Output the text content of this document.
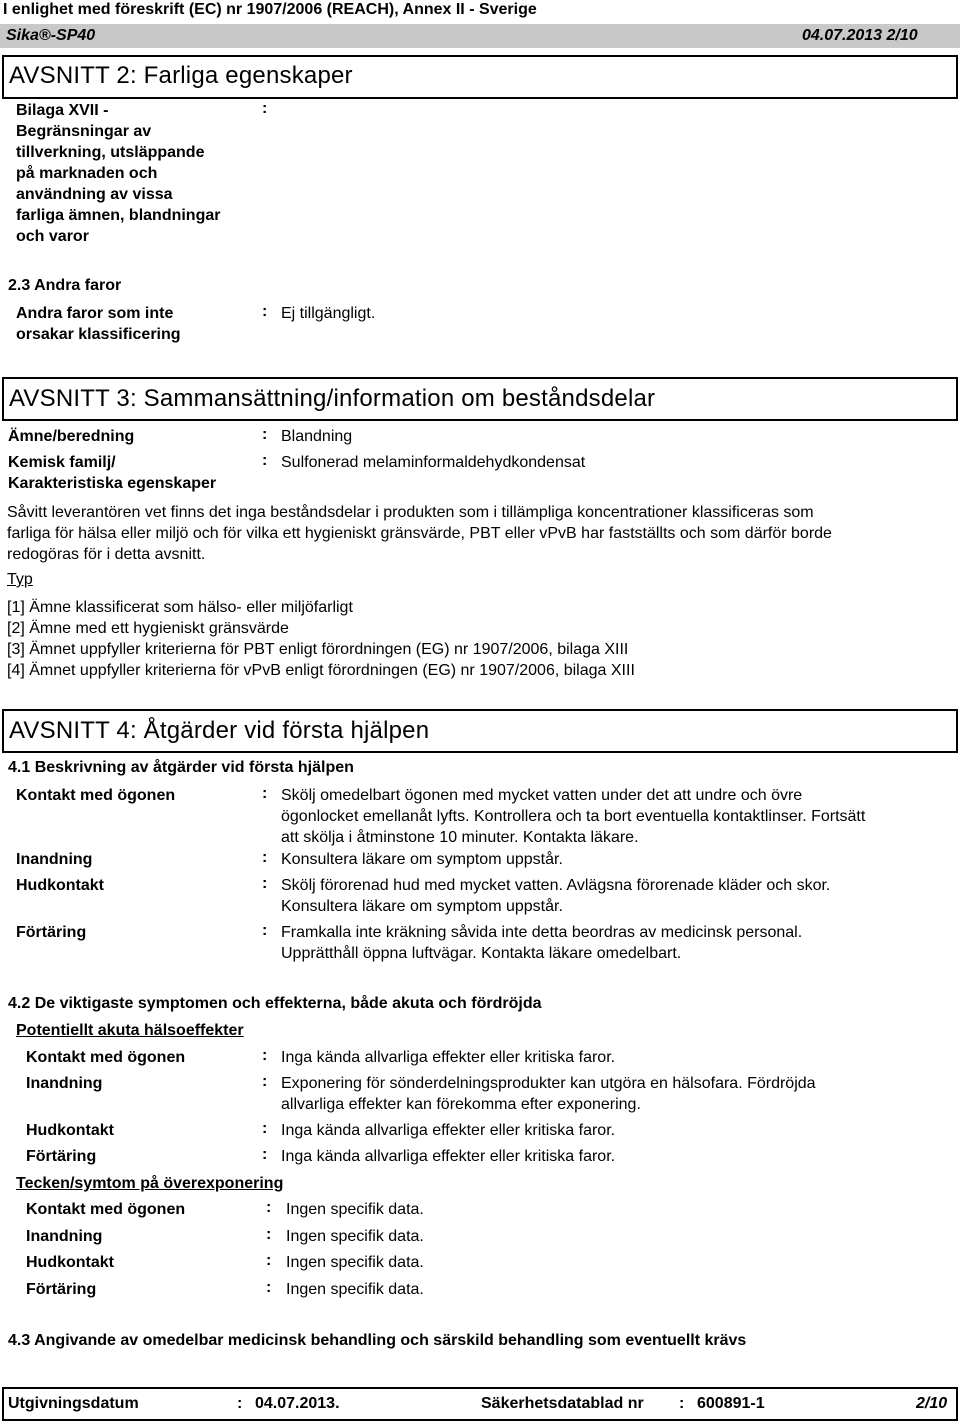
I enlighet med föreskrift (EC) nr 1907/2006 (REACH), Annex II - Sverige
Sika®-SP40	04.07.2013 2/10
AVSNITT 2: Farliga egenskaper
Bilaga XVII -
Begränsningar av
tillverkning, utsläppande
på marknaden och
användning av vissa
farliga ämnen, blandningar
och varor
:
2.3 Andra faror
Andra faror som inte
orsakar klassificering
: Ej tillgängligt.
AVSNITT 3: Sammansättning/information om beståndsdelar
Ämne/beredning	: Blandning
Kemisk familj/
Karakteristiska egenskaper
: Sulfonerad melaminformaldehydkondensat
Såvitt leverantören vet finns det inga beståndsdelar i produkten som i tillämpliga koncentrationer klassificeras som
farliga för hälsa eller miljö och för vilka ett hygieniskt gränsvärde, PBT eller vPvB har fastställts och som därför borde
redogöras för i detta avsnitt.
Typ
[1] Ämne klassificerat som hälso- eller miljöfarligt
[2] Ämne med ett hygieniskt gränsvärde
[3] Ämnet uppfyller kriterierna för PBT enligt förordningen (EG) nr 1907/2006, bilaga XIII
[4] Ämnet uppfyller kriterierna för vPvB enligt förordningen (EG) nr 1907/2006, bilaga XIII
AVSNITT 4: Åtgärder vid första hjälpen
4.1 Beskrivning av åtgärder vid första hjälpen
Kontakt med ögonen	: Skölj omedelbart ögonen med mycket vatten under det att undre och övre
ögonlocket emellanåt lyfts. Kontrollera och ta bort eventuella kontaktlinser. Fortsätt
att skölja i åtminstone 10 minuter. Kontakta läkare.
Inandning	: Konsultera läkare om symptom uppstår.
Hudkontakt	: Skölj förorenad hud med mycket vatten. Avlägsna förorenade kläder och skor.
Konsultera läkare om symptom uppstår.
Förtäring	: Framkalla inte kräkning såvida inte detta beordras av medicinsk personal.
Upprätthåll öppna luftvägar. Kontakta läkare omedelbart.
4.2 De viktigaste symptomen och effekterna, både akuta och fördröjda
Potentiellt akuta hälsoeffekter
Kontakt med ögonen	: Inga kända allvarliga effekter eller kritiska faror.
Inandning	: Exponering för sönderdelningsprodukter kan utgöra en hälsofara. Fördröjda
allvarliga effekter kan förekomma efter exponering.
Hudkontakt	: Inga kända allvarliga effekter eller kritiska faror.
Förtäring	: Inga kända allvarliga effekter eller kritiska faror.
Tecken/symtom på överexponering
Kontakt med ögonen	: Ingen specifik data.
Inandning	: Ingen specifik data.
Hudkontakt	: Ingen specifik data.
Förtäring	: Ingen specifik data.
4.3 Angivande av omedelbar medicinsk behandling och särskild behandling som eventuellt krävs
Utgivningsdatum	: 04.07.2013.	Säkerhetsdatablad nr : 600891-1	2/10
